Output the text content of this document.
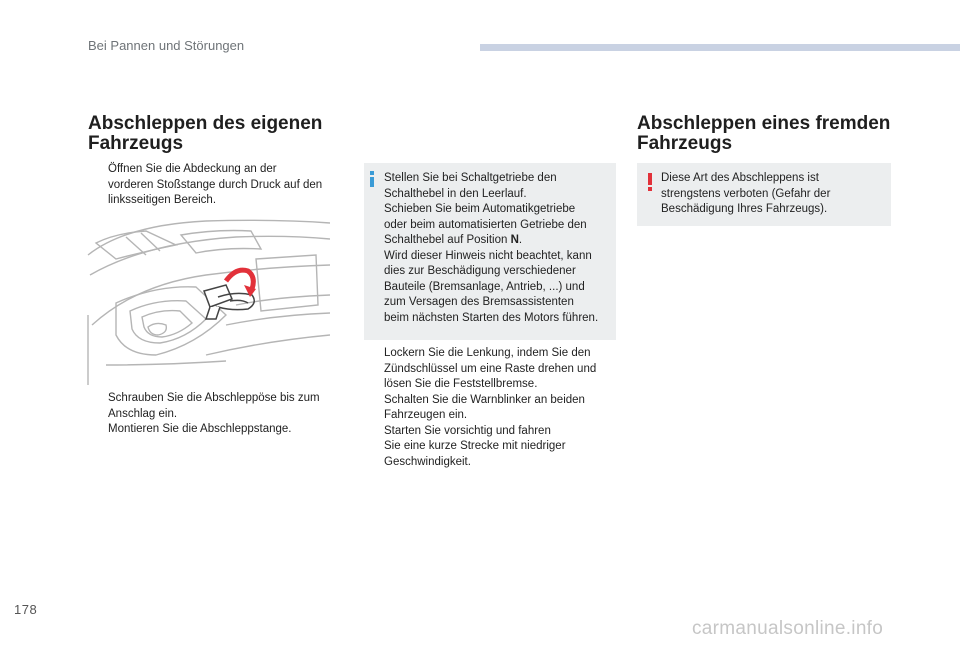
Bei Pannen und Störungen
Abschleppen des eigenen
Fahrzeugs
Öffnen Sie die Abdeckung an der
vorderen Stoßstange durch Druck auf den
linksseitigen Bereich.
Schrauben Sie die Abschleppöse bis zum
Anschlag ein.
Montieren Sie die Abschleppstange.
Stellen Sie bei Schaltgetriebe den
Schalthebel in den Leerlauf.
Schieben Sie beim Automatikgetriebe
oder beim automatisierten Getriebe den
Schalthebel auf Position N.
Wird dieser Hinweis nicht beachtet, kann
dies zur Beschädigung verschiedener
Bauteile (Bremsanlage, Antrieb, ...) und
zum Versagen des Bremsassistenten
beim nächsten Starten des Motors führen.
Lockern Sie die Lenkung, indem Sie den
Zündschlüssel um eine Raste drehen und
lösen Sie die Feststellbremse.
Schalten Sie die Warnblinker an beiden
Fahrzeugen ein.
Starten Sie vorsichtig und fahren
Sie eine kurze Strecke mit niedriger
Geschwindigkeit.
Abschleppen eines fremden
Fahrzeugs
Diese Art des Abschleppens ist
strengstens verboten (Gefahr der
Beschädigung Ihres Fahrzeugs).
178
carmanualsonline.info
